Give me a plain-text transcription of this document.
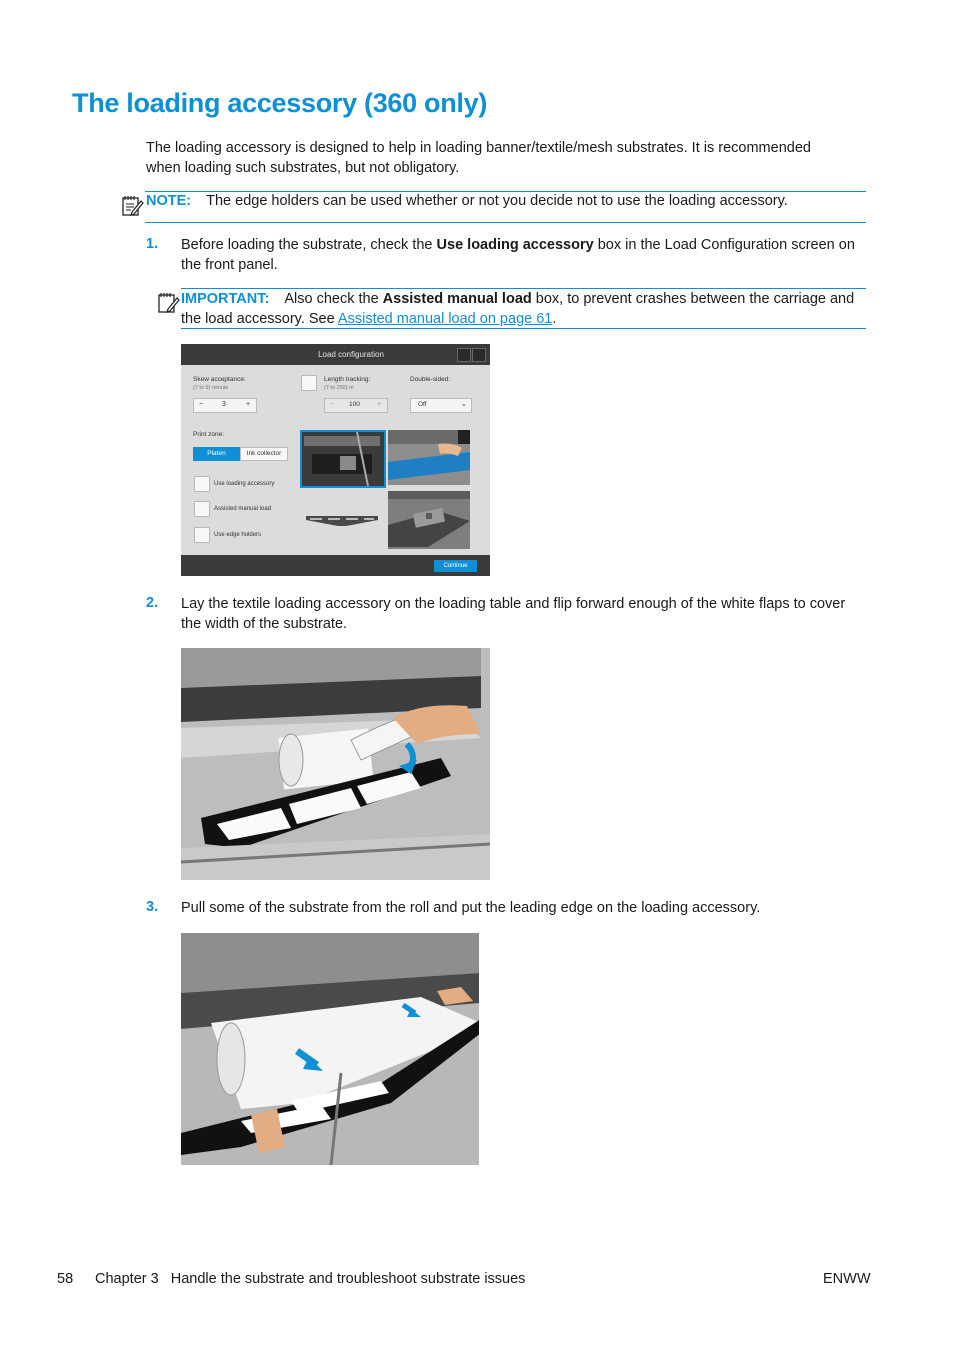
The loading accessory (360 only)
The loading accessory is designed to help in loading banner/textile/mesh substrates. It is recommended when loading such substrates, but not obligatory.
NOTE: The edge holders can be used whether or not you decide not to use the loading accessory.
1. Before loading the substrate, check the Use loading accessory box in the Load Configuration screen on the front panel.
IMPORTANT: Also check the Assisted manual load box, to prevent crashes between the carriage and the load accessory. See Assisted manual load on page 61.
Load configuration
Skew acceptance:
(7 to 9) minute
−	3	+
Length tracking:
(7 to 250) m
− 100 +
Double-sided:
Off	⌄
Print zone:
Platen	Ink collector
Use loading accessory
Assisted manual load
Use edge holders
Continue
2. Lay the textile loading accessory on the loading table and flip forward enough of the white flaps to cover the width of the substrate.
3. Pull some of the substrate from the roll and put the leading edge on the loading accessory.
58 Chapter 3   Handle the substrate and troubleshoot substrate issues	ENWW
